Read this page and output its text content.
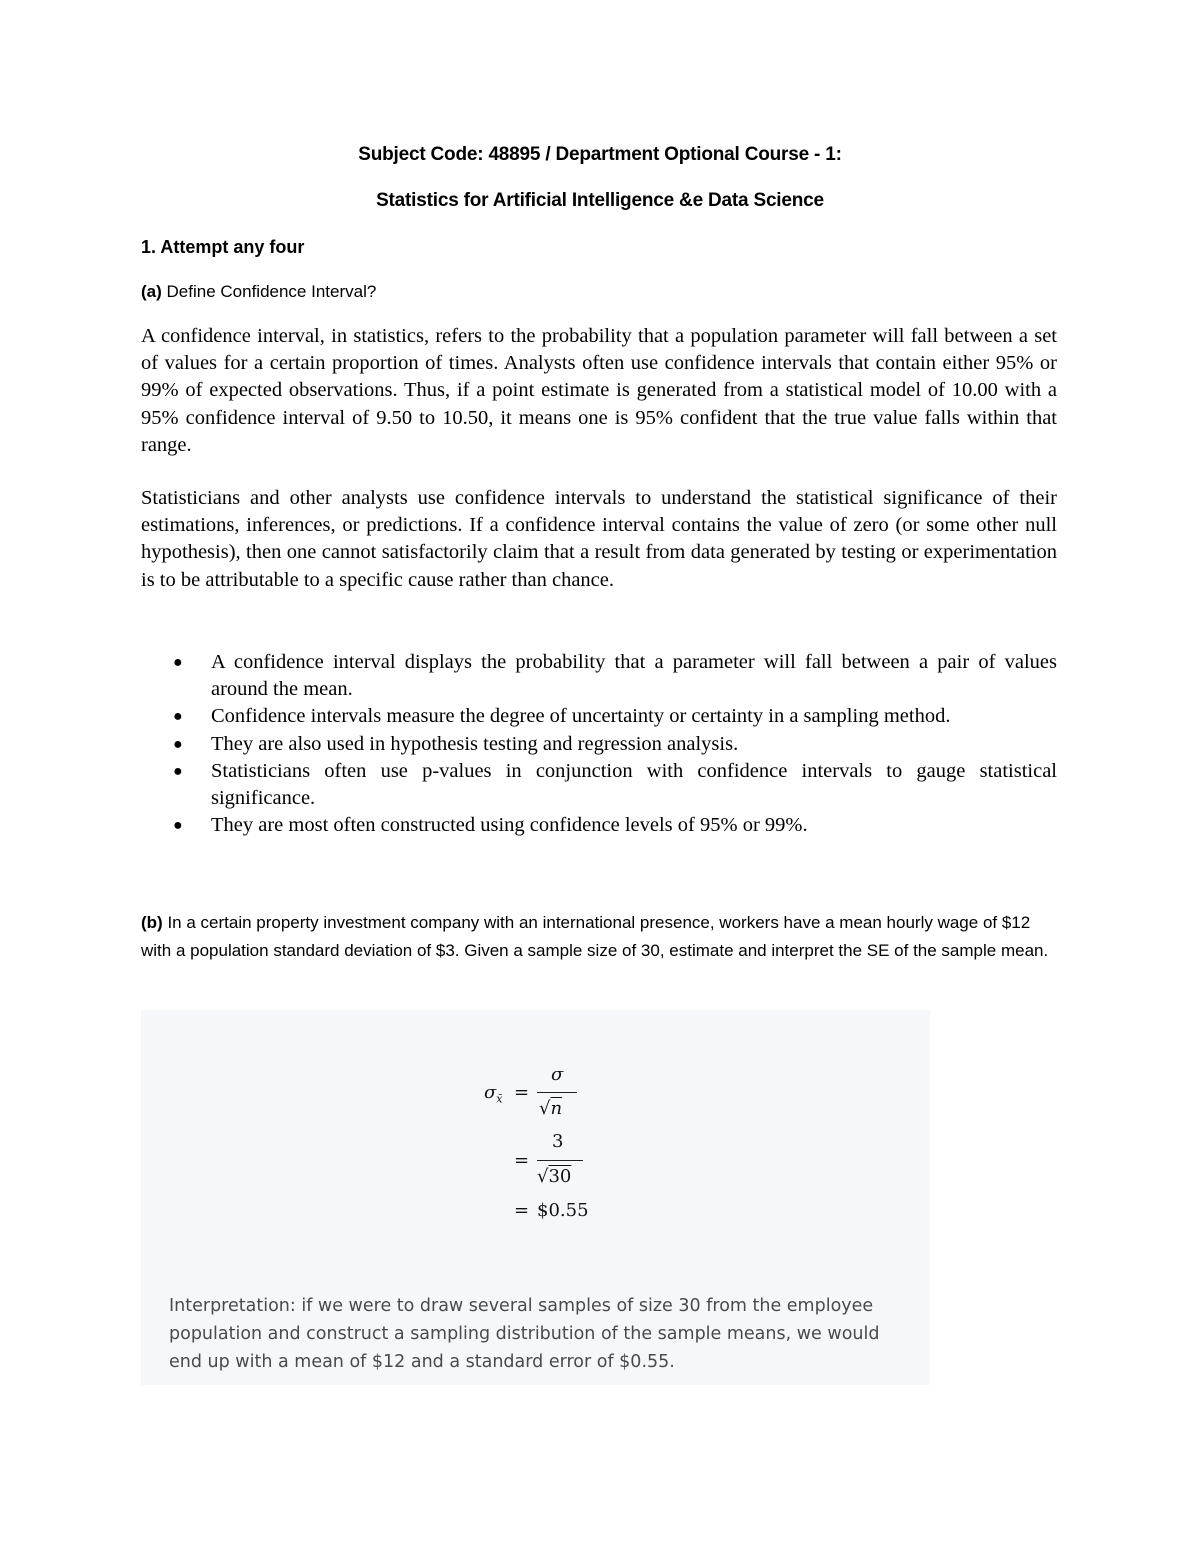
Subject Code: 48895 / Department Optional Course - 1:
Statistics for Artificial Intelligence &e Data Science
1. Attempt any four
(a) Define Confidence Interval?

A confidence interval, in statistics, refers to the probability that a population parameter will fall between a set of values for a certain proportion of times. Analysts often use confidence intervals that contain either 95% or 99% of expected observations. Thus, if a point estimate is generated from a statistical model of 10.00 with a 95% confidence interval of 9.50 to 10.50, it means one is 95% confident that the true value falls within that range.

Statisticians and other analysts use confidence intervals to understand the statistical significance of their estimations, inferences, or predictions. If a confidence interval contains the value of zero (or some other null hypothesis), then one cannot satisfactorily claim that a result from data generated by testing or experimentation is to be attributable to a specific cause rather than chance.

● A confidence interval displays the probability that a parameter will fall between a pair of values around the mean.
● Confidence intervals measure the degree of uncertainty or certainty in a sampling method.
● They are also used in hypothesis testing and regression analysis.
● Statisticians often use p-values in conjunction with confidence intervals to gauge statistical significance.
● They are most often constructed using confidence levels of 95% or 99%.

(b) In a certain property investment company with an international presence, workers have a mean hourly wage of $12 with a population standard deviation of $3. Given a sample size of 30, estimate and interpret the SE of the sample mean.

$\sigma_{x̄}$ =
σ
√n
=
3
√30
= $0.55

Interpretation: if we were to draw several samples of size 30 from the employee population and construct a sampling distribution of the sample means, we would end up with a mean of $12 and a standard error of $0.55.
